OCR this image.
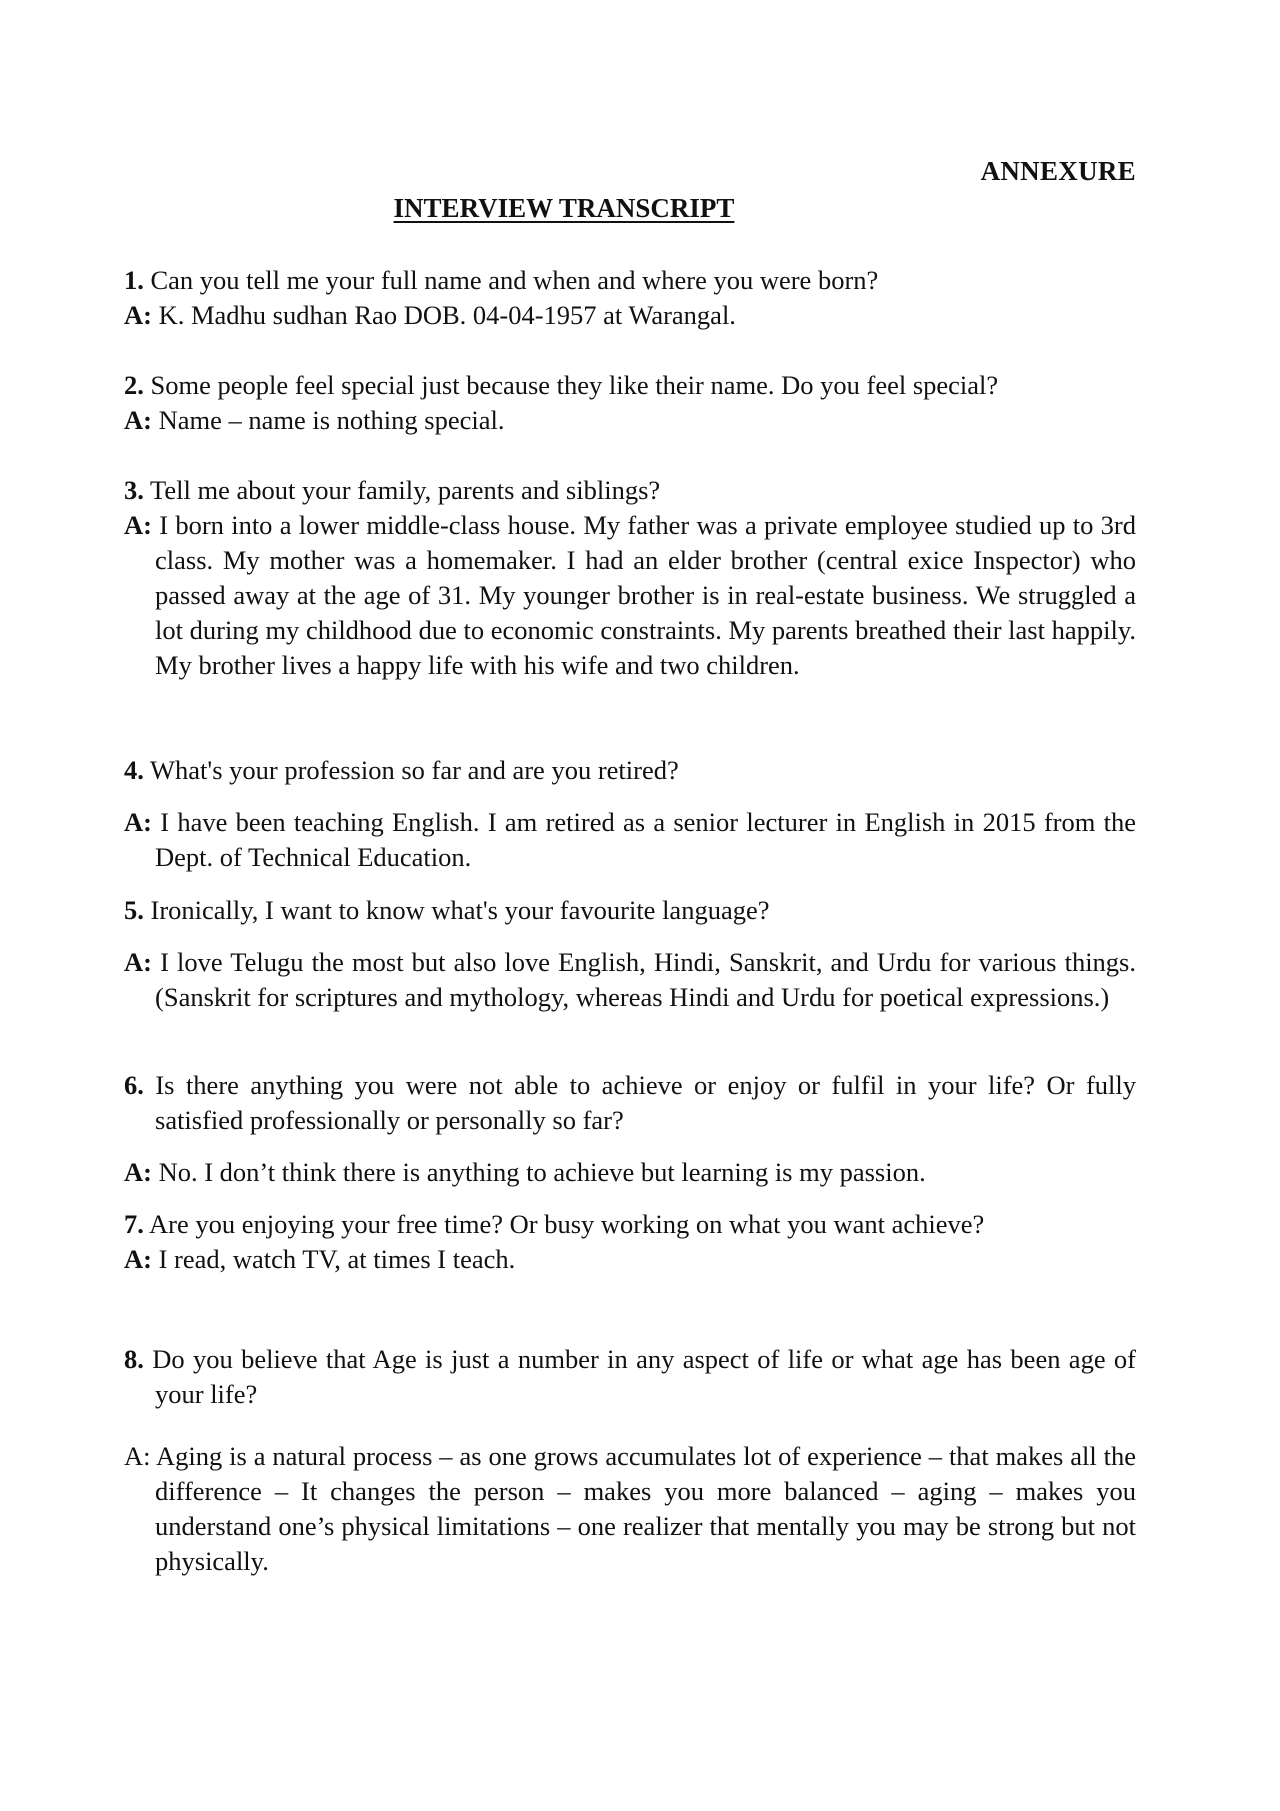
ANNEXURE
INTERVIEW TRANSCRIPT

1. Can you tell me your full name and when and where you were born?

A: K. Madhu sudhan Rao DOB. 04-04-1957 at Warangal.

2. Some people feel special just because they like their name. Do you feel special?

A: Name – name is nothing special.

3. Tell me about your family, parents and siblings?

A: I born into a lower middle-class house. My father was a private employee studied up to 3rd class. My mother was a homemaker. I had an elder brother (central exice Inspector) who passed away at the age of 31. My younger brother is in real-estate business. We struggled a lot during my childhood due to economic constraints. My parents breathed their last happily. My brother lives a happy life with his wife and two children.

4. What's your profession so far and are you retired?

A: I have been teaching English. I am retired as a senior lecturer in English in 2015 from the Dept. of Technical Education.

5. Ironically, I want to know what's your favourite language?

A: I love Telugu the most but also love English, Hindi, Sanskrit, and Urdu for various things. (Sanskrit for scriptures and mythology, whereas Hindi and Urdu for poetical expressions.)

6. Is there anything you were not able to achieve or enjoy or fulfil in your life? Or fully satisfied professionally or personally so far?

A: No. I don’t think there is anything to achieve but learning is my passion.

7. Are you enjoying your free time? Or busy working on what you want achieve?

A: I read, watch TV, at times I teach.

8. Do you believe that Age is just a number in any aspect of life or what age has been age of your life?

A: Aging is a natural process – as one grows accumulates lot of experience – that makes all the difference – It changes the person – makes you more balanced – aging – makes you understand one’s physical limitations – one realizer that mentally you may be strong but not physically.
